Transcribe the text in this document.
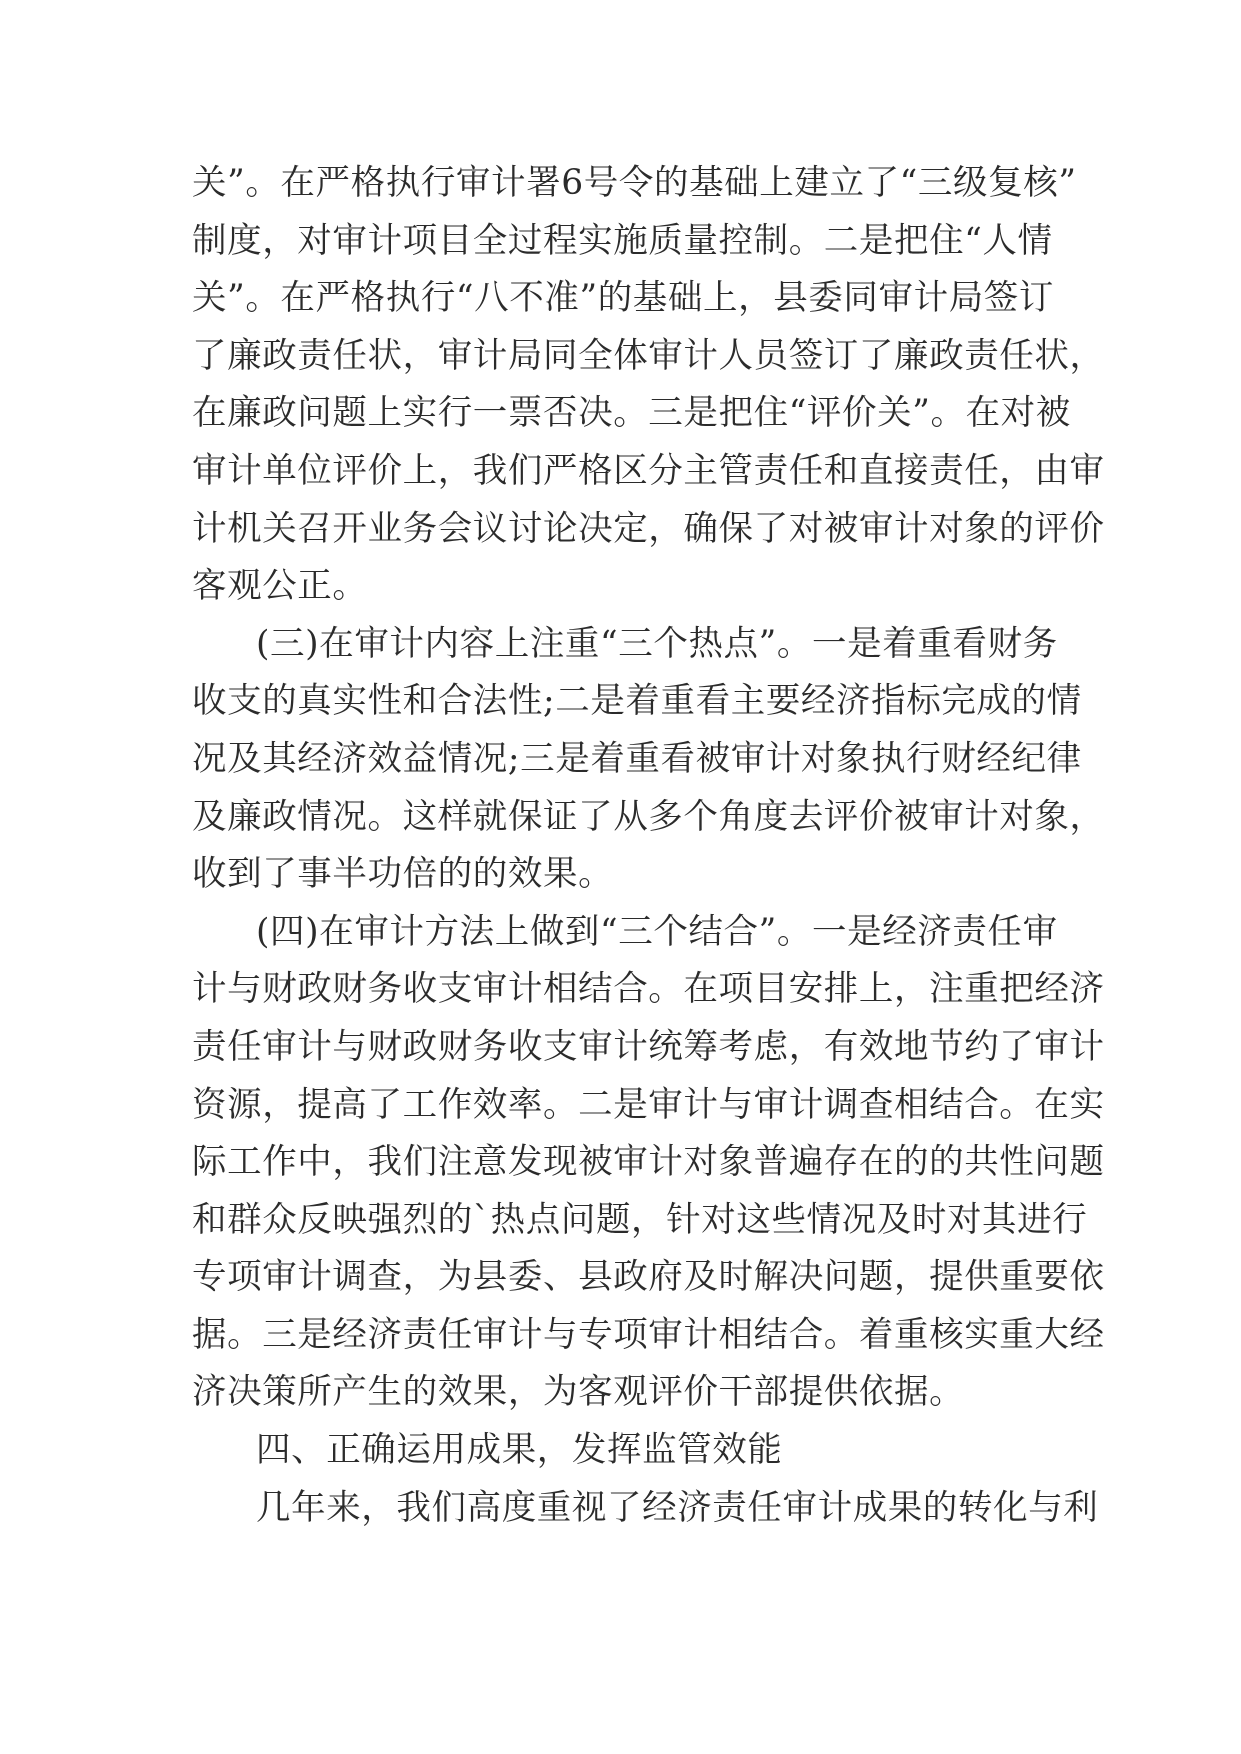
关”。在严格执行审计署6号令的基础上建立了“三级复核”
制度，对审计项目全过程实施质量控制。二是把住“人情
关”。在严格执行“八不准”的基础上，县委同审计局签订
了廉政责任状，审计局同全体审计人员签订了廉政责任状，
在廉政问题上实行一票否决。三是把住“评价关”。在对被
审计单位评价上，我们严格区分主管责任和直接责任，由审
计机关召开业务会议讨论决定，确保了对被审计对象的评价
客观公正。
(三)在审计内容上注重“三个热点”。一是着重看财务
收支的真实性和合法性;二是着重看主要经济指标完成的情
况及其经济效益情况;三是着重看被审计对象执行财经纪律
及廉政情况。这样就保证了从多个角度去评价被审计对象，
收到了事半功倍的的效果。
(四)在审计方法上做到“三个结合”。一是经济责任审
计与财政财务收支审计相结合。在项目安排上，注重把经济
责任审计与财政财务收支审计统筹考虑，有效地节约了审计
资源，提高了工作效率。二是审计与审计调查相结合。在实
际工作中，我们注意发现被审计对象普遍存在的的共性问题
和群众反映强烈的`热点问题，针对这些情况及时对其进行
专项审计调查，为县委、县政府及时解决问题，提供重要依
据。三是经济责任审计与专项审计相结合。着重核实重大经
济决策所产生的效果，为客观评价干部提供依据。
四、正确运用成果，发挥监管效能
几年来，我们高度重视了经济责任审计成果的转化与利
